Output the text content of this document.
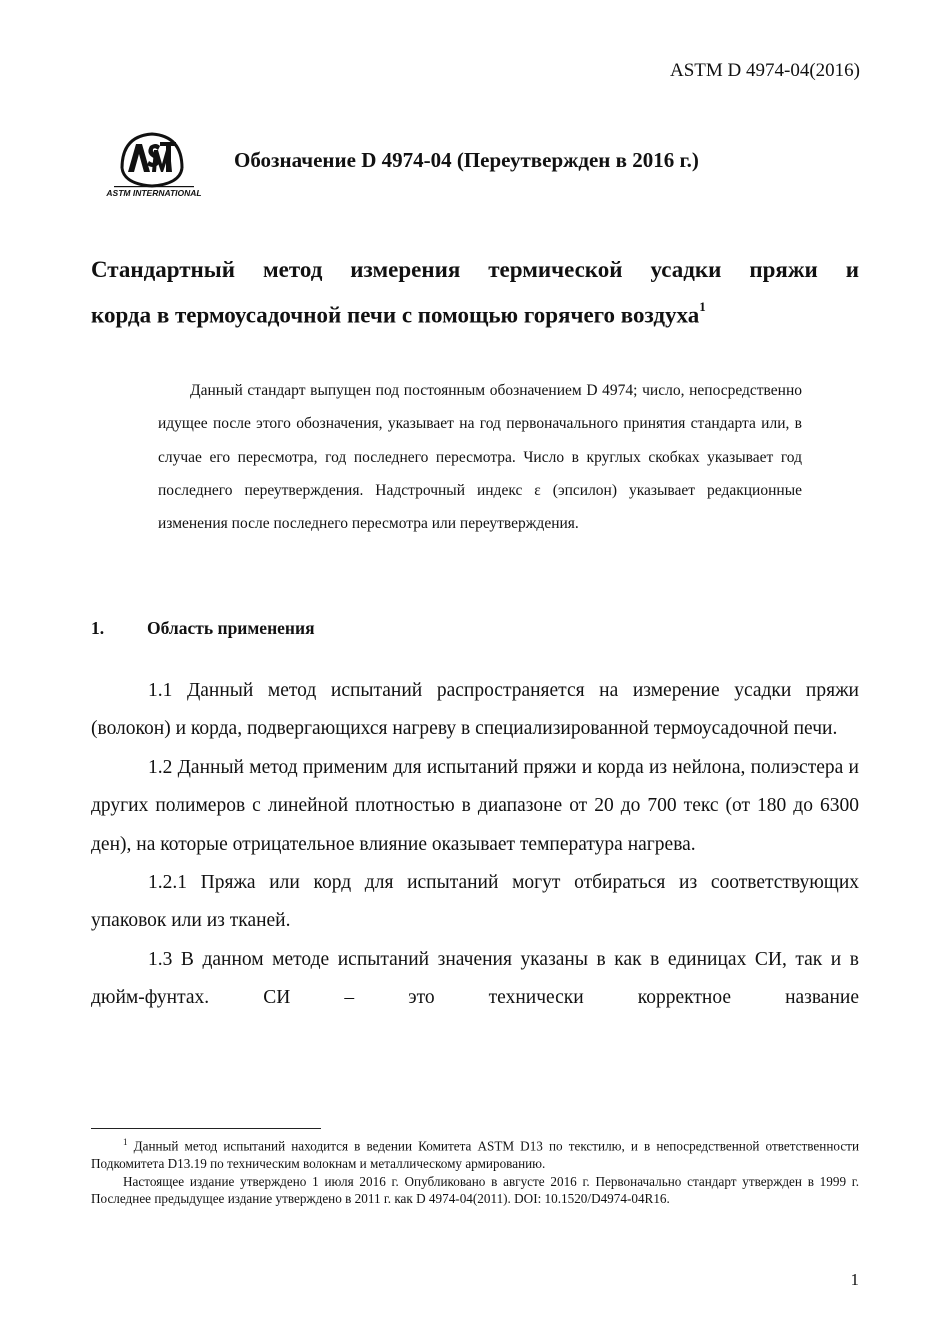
ASTM D 4974-04(2016)
ASTM INTERNATIONAL
Обозначение D 4974-04 (Переутвержден в 2016 г.)
Стандартный метод измерения термической усадки пряжи и
корда в термоусадочной печи с помощью горячего воздуха$^1$
Данный стандарт выпущен под постоянным обозначением D 4974; число, непосредственно идущее после этого обозначения, указывает на год первоначального принятия стандарта или, в случае его пересмотра, год последнего пересмотра. Число в круглых скобках указывает год последнего переутверждения. Надстрочный индекс ε (эпсилон) указывает редакционные изменения после последнего пересмотра или переутверждения.
1. Область применения

1.1 Данный метод испытаний распространяется на измерение усадки пряжи (волокон) и корда, подвергающихся нагреву в специализированной термоусадочной печи.

1.2 Данный метод применим для испытаний пряжи и корда из нейлона, полиэстера и других полимеров с линейной плотностью в диапазоне от 20 до 700 текс (от 180 до 6300 ден), на которые отрицательное влияние оказывает температура нагрева.

1.2.1 Пряжа или корд для испытаний могут отбираться из соответствующих упаковок или из тканей.

1.3 В данном методе испытаний значения указаны в как в единицах СИ, так и в дюйм-фунтах. СИ – это технически корректное название

$^1$ Данный метод испытаний находится в ведении Комитета ASTM D13 по текстилю, и в непосредственной ответственности Подкомитета D13.19 по техническим волокнам и металлическому армированию.

Настоящее издание утверждено 1 июля 2016 г. Опубликовано в августе 2016 г. Первоначально стандарт утвержден в 1999 г. Последнее предыдущее издание утверждено в 2011 г. как D 4974-04(2011). DOI: 10.1520/D4974-04R16.

1
